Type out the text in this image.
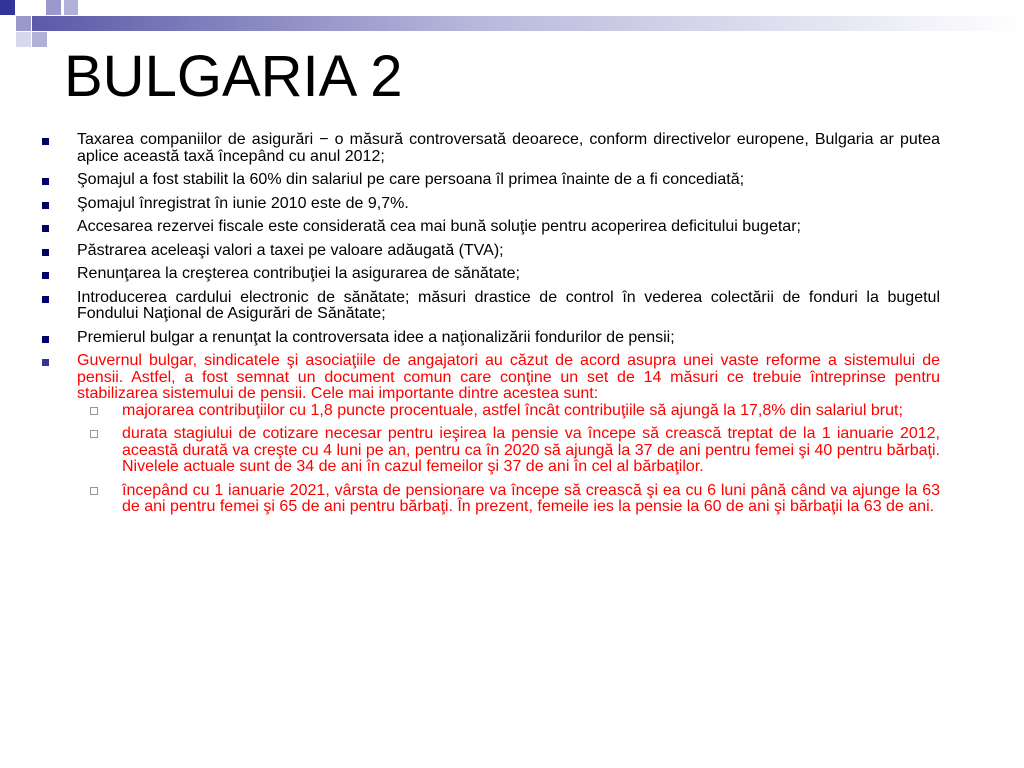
BULGARIA 2
Taxarea companiilor de asigurări − o măsură controversată deoarece, conform directivelor europene, Bulgaria ar putea aplice această taxă începând cu anul 2012;
Şomajul a fost stabilit la 60% din salariul pe care persoana îl primea înainte de a fi concediată;
Şomajul înregistrat în iunie 2010 este de 9,7%.
Accesarea rezervei fiscale este considerată cea mai bună soluţie pentru acoperirea deficitului bugetar;
Păstrarea aceleaşi valori a taxei pe valoare adăugată (TVA);
Renunţarea la creşterea contribuţiei la asigurarea de sănătate;
Introducerea cardului electronic de sănătate; măsuri drastice de control în vederea colectării de fonduri la bugetul Fondului Naţional de Asigurări de Sănătate;
Premierul bulgar a renunţat la controversata idee a naţionalizării fondurilor de pensii;
Guvernul bulgar, sindicatele şi asociaţiile de angajatori au căzut de acord asupra unei vaste reforme a sistemului de pensii. Astfel, a fost semnat un document comun care conţine un set de 14 măsuri ce trebuie întreprinse pentru stabilizarea sistemului de pensii. Cele mai importante dintre acestea sunt:
majorarea contribuţiilor cu 1,8 puncte procentuale, astfel încât contribuţiile să ajungă la 17,8% din salariul brut;
durata stagiului de cotizare necesar pentru ieşirea la pensie va începe să crească treptat de la 1 ianuarie 2012, această durată va creşte cu 4 luni pe an, pentru ca în 2020 să ajungă la 37 de ani pentru femei şi 40 pentru bărbaţi. Nivelele actuale sunt de 34 de ani în cazul femeilor şi 37 de ani în cel al bărbaţilor.
începând cu 1 ianuarie 2021, vârsta de pensionare va începe să crească şi ea cu 6 luni până când va ajunge la 63 de ani pentru femei şi 65 de ani pentru bărbaţi. În prezent, femeile ies la pensie la 60 de ani şi bărbaţii la 63 de ani.
